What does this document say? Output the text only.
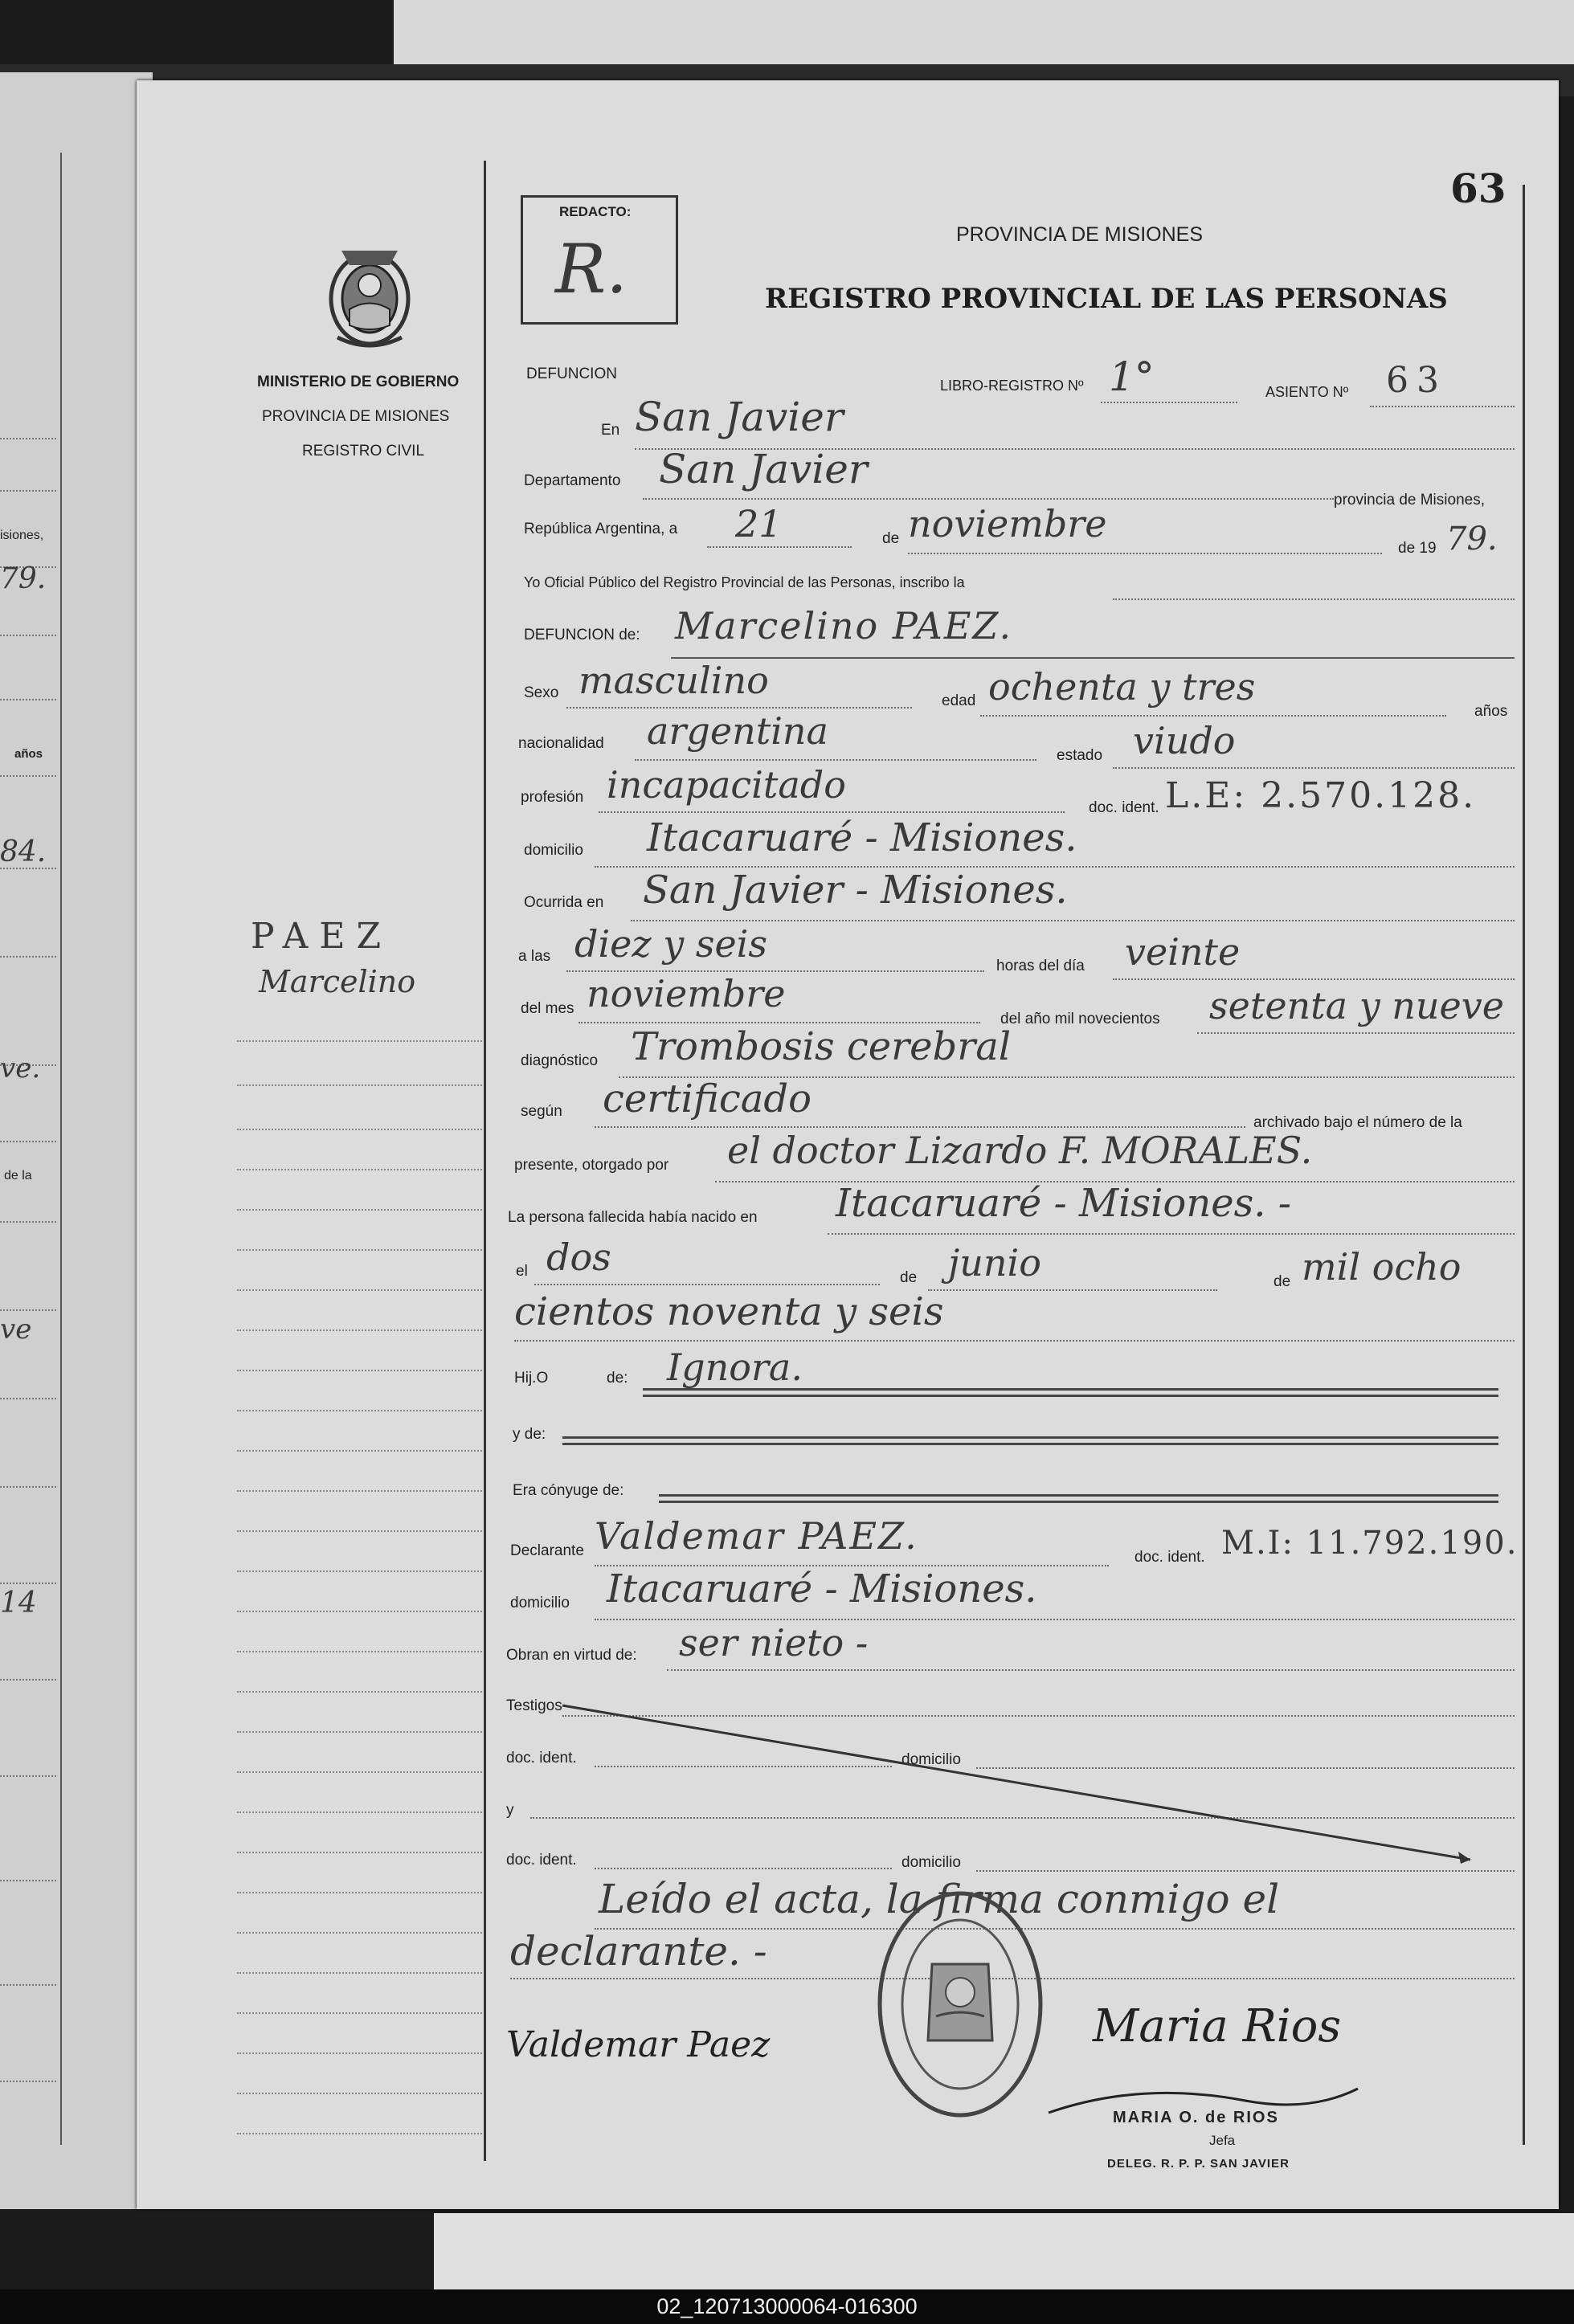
isiones,
79.
años
84.
ve.
de la
ve
14
02_120713000064-016300
63
REDACTO:
R.	PROVINCIA DE MISIONES
REGISTRO PROVINCIAL DE LAS PERSONAS
MINISTERIO DE GOBIERNO
PROVINCIA DE MISIONES
REGISTRO CIVIL
PAEZ
Marcelino
DEFUNCION
LIBRO-REGISTRO Nº 1°	ASIENTO Nº 63
En San Javier
Departamento San Javier
provincia de Misiones,
República Argentina, a 21	de noviembre
de 19 79.
Yo Oficial Público del Registro Provincial de las Personas, inscribo la
DEFUNCION de: Marcelino PAEZ.
Sexo masculino	edad ochenta y tres
años
nacionalidad argentina
estado viudo
profesión incapacitado
doc. ident. L.E: 2.570.128.
domicilio Itacaruaré - Misiones.
Ocurrida en San Javier - Misiones.
a las diez y seis
horas del día veinte
del mes noviembre
del año mil novecientos setenta y nueve
diagnóstico Trombosis cerebral
según certificado
archivado bajo el número de la
presente, otorgado por el doctor Lizardo F. MORALES.
La persona fallecida había nacido en Itacaruaré - Misiones. -
el dos	de junio	de mil ocho
cientos noventa y seis
Hij.O	de: Ignora.
y de:
Era cónyuge de:
Declarante Valdemar PAEZ.	doc. ident. M.I: 11.792.190.
domicilio Itacaruaré - Misiones.
Obran en virtud de: ser nieto -
Testigos
doc. ident.	domicilio
y
doc. ident.	domicilio
Leído el acta, la firma conmigo el
declarante. -
Valdemar Paez	Maria Rios
MARIA O. de RIOS
Jefa
DELEG. R. P. P. SAN JAVIER
